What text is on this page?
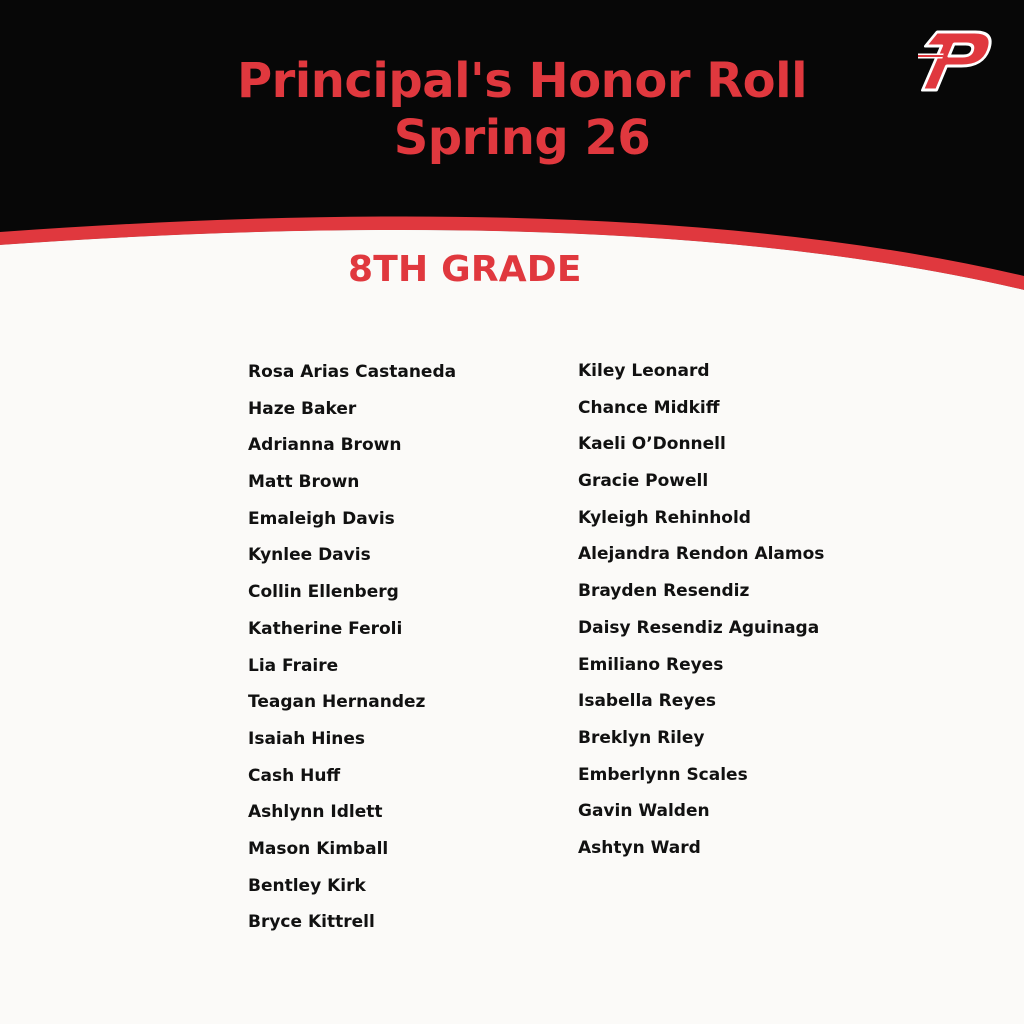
Principal's Honor Roll
Spring 26
8TH GRADE
Rosa Arias Castaneda
Haze Baker
Adrianna Brown
Matt Brown
Emaleigh Davis
Kynlee Davis
Collin Ellenberg
Katherine Feroli
Lia Fraire
Teagan Hernandez
Isaiah Hines
Cash Huff
Ashlynn Idlett
Mason Kimball
Bentley Kirk
Bryce Kittrell
Kiley Leonard
Chance Midkiff
Kaeli O’Donnell
Gracie Powell
Kyleigh Rehinhold
Alejandra Rendon Alamos
Brayden Resendiz
Daisy Resendiz Aguinaga
Emiliano Reyes
Isabella Reyes
Breklyn Riley
Emberlynn Scales
Gavin Walden
Ashtyn Ward
